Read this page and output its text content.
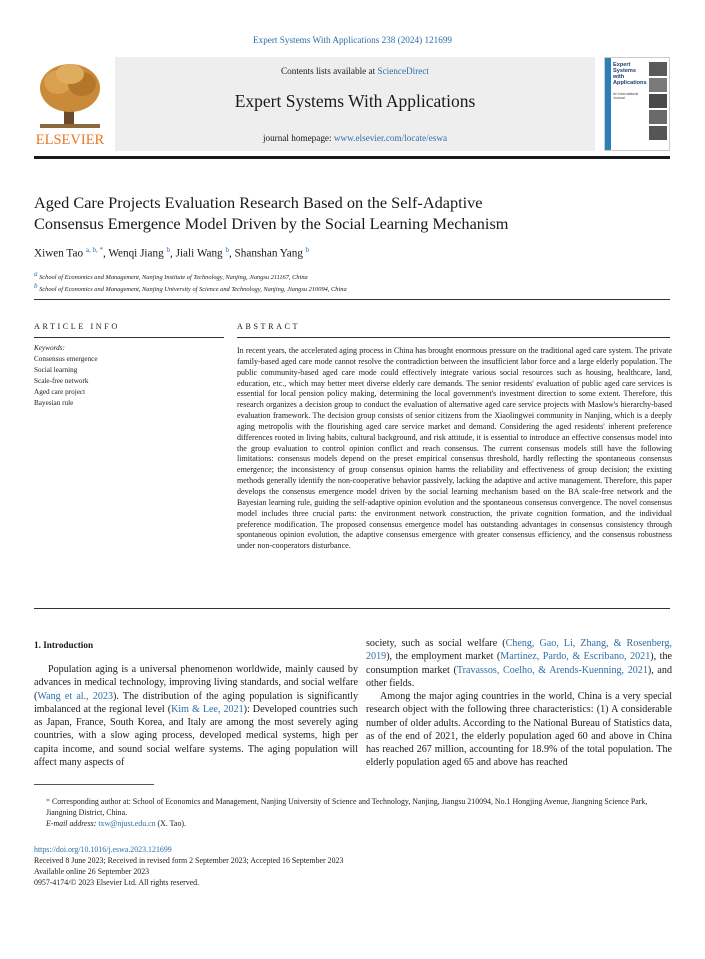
Expert Systems With Applications 238 (2024) 121699
ELSEVIER
Contents lists available at ScienceDirect
Expert Systems With Applications
journal homepage: www.elsevier.com/locate/eswa
Expert Systems with Applications
An International Journal
Aged Care Projects Evaluation Research Based on the Self-Adaptive
Consensus Emergence Model Driven by the Social Learning Mechanism
Xiwen Tao $^{a, b, *}$, Wenqi Jiang $^b$, Jiali Wang $^b$, Shanshan Yang $^b$
$^a$ School of Economics and Management, Nanjing Institute of Technology, Nanjing, Jiangsu 211167, China
$^b$ School of Economics and Management, Nanjing University of Science and Technology, Nanjing, Jiangsu 210094, China
ARTICLE INFO
Keywords:
Consensus emergence
Social learning
Scale-free network
Aged care project
Bayesian rule
ABSTRACT
In recent years, the accelerated aging process in China has brought enormous pressure on the traditional aged care system. The private family-based aged care mode cannot resolve the contradiction between the insufficient labor force and a large elderly population. The public community-based aged care mode could effectively integrate various social resources such as housing, healthcare, land, education, etc., which may better meet diverse elderly care demands. The senior residents' evaluation of public aged care services is essential for local pension policy making, determining the local government's investment direction to some extent. Therefore, this research organizes a decision group to conduct the evaluation of alternative aged care service projects with Maslow's hierarchy-based evaluation framework. The decision group consists of senior citizens from the Xiaolingwei community in Nanjing, which is a deeply aging metropolis with the flourishing aged care service market and demand. Considering the aged residents' inherent preference differences rooted in living habits, cultural background, and risk attitude, it is essential to introduce an effective consensus model into the group evaluation to control opinion conflict and reach consensus. The current consensus models still have the following limitations: consensus models depend on the preset empirical consensus threshold, hardly reflecting the spontaneous consensus emergence; the inconsistency of group consensus opinion harms the reliability and effectiveness of group decision; the existing methods generally identify the non-cooperative behavior passively, lacking the adaptive and active management. Therefore, this paper develops the consensus emergence model driven by the social learning mechanism based on the BA scale-free network and the Bayesian learning rule, guiding the self-adaptive opinion evolution and the spontaneous consensus convergence. The novel consensus model includes three crucial parts: the environment network construction, the private cognition formation, and the individual preference modification. The proposed consensus emergence model has outstanding advantages in consensus consistency through spontaneous opinion evolution, the adaptive consensus emergence with greater consensus efficiency, and the consensus robustness under non-cooperators disturbance.
1. Introduction
Population aging is a universal phenomenon worldwide, mainly caused by advances in medical technology, improving living standards, and social welfare (Wang et al., 2023). The distribution of the aging population is significantly imbalanced at the regional level (Kim & Lee, 2021): Developed countries such as Japan, France, South Korea, and Italy are among the most severely aging countries, with a slow aging process, developed medical systems, high per capita income, and sound social welfare systems. The aging population will affect many aspects of
society, such as social welfare (Cheng, Gao, Li, Zhang, & Rosenberg, 2019), the employment market (Martinez, Pardo, & Escribano, 2021), the consumption market (Travassos, Coelho, & Arends-Kuenning, 2021), and other fields.
Among the major aging countries in the world, China is a very special research object with the following three characteristics: (1) A considerable number of older adults. According to the National Bureau of Statistics data, as of the end of 2021, the elderly population aged 60 and above in China has reached 267 million, accounting for 18.9% of the total population. The elderly population aged 65 and above has reached
* Corresponding author at: School of Economics and Management, Nanjing University of Science and Technology, Nanjing, Jiangsu 210094, No.1 Hongjing Avenue, Jiangning Science Park, Jiangning District, China.
E-mail address: txw@njust.edu.cn (X. Tao).
https://doi.org/10.1016/j.eswa.2023.121699
Received 8 June 2023; Received in revised form 2 September 2023; Accepted 16 September 2023
Available online 26 September 2023
0957-4174/© 2023 Elsevier Ltd. All rights reserved.
